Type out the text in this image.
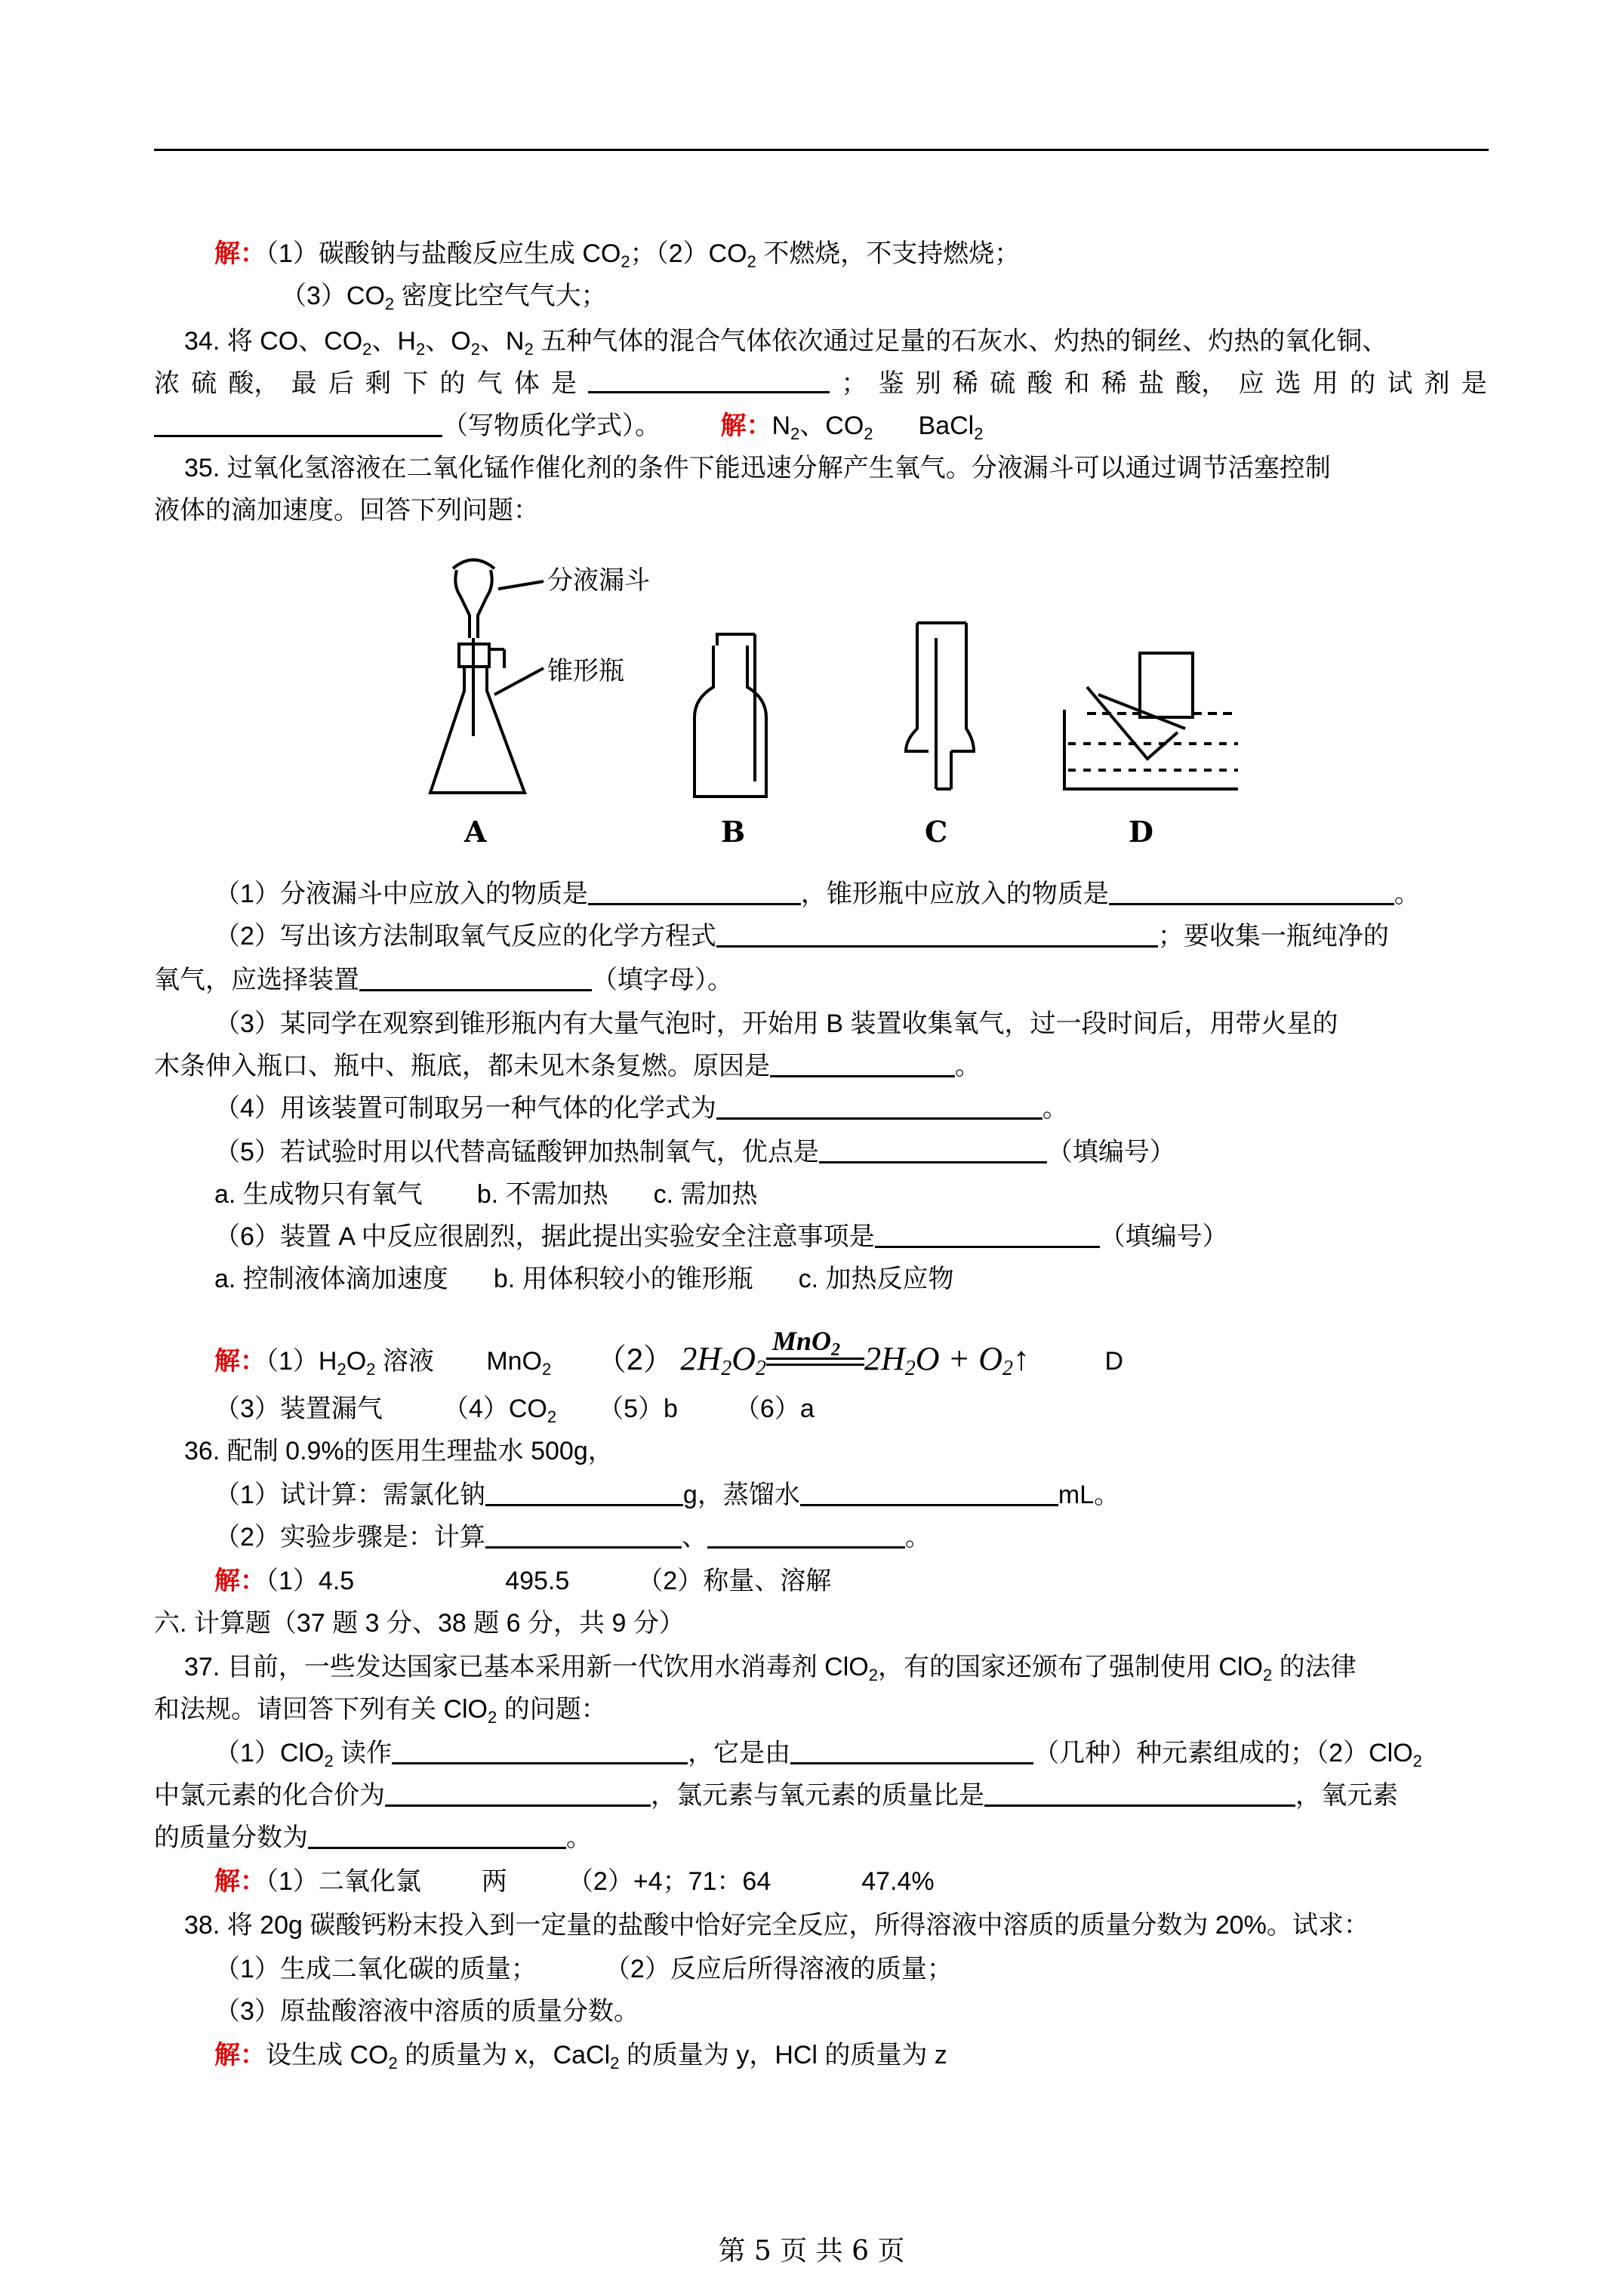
解：（1）碳酸钠与盐酸反应生成 $CO_2$；$(2)CO_2$ 不燃烧，不支持燃烧；
$(3)CO_2$ 密度比空气气大；
34. 将 CO、$CO_2$、$H_2$、$O_2$、$N_2$ 五种气体的混合气体依次通过足量的石灰水、灼热的铜丝、灼热的氧化铜、
浓 硫 酸， 最 后 剩 下 的 气 体 是	； 鉴 别 稀 硫 酸 和 稀 盐 酸， 应 选 用 的 试 剂 是
（写物质化学式）。 解：$N_2$、$CO_2$ BaCl$_2$
35. 过氧化氢溶液在二氧化锰作催化剂的条件下能迅速分解产生氧气。分液漏斗可以通过调节活塞控制
液体的滴加速度。回答下列问题：
分液漏斗
锥形瓶
A	B	C	D
（1）分液漏斗中应放入的物质是	，锥形瓶中应放入的物质是	。
（2）写出该方法制取氧气反应的化学方程式	；要收集一瓶纯净的
氧气，应选择装置	（填字母）。
（3）某同学在观察到锥形瓶内有大量气泡时，开始用 B 装置收集氧气，过一段时间后，用带火星的
木条伸入瓶口、瓶中、瓶底，都未见木条复燃。原因是	。
（4）用该装置可制取另一种气体的化学式为	。
（5）若试验时用以代替高锰酸钾加热制氧气，优点是	（填编号）
a. 生成物只有氧气 b. 不需加热 c. 需加热
（6）装置 A 中反应很剧烈，据此提出实验安全注意事项是	（填编号）
a. 控制液体滴加速度 b. 用体积较小的锥形瓶 c. 加热反应物
解：$(1)H_2O_2$ 溶液 MnO$_2$ （2） $2H_2O_2$
MnO$_2$ $2H_2O$ + $O_2↑$	D
（3）装置漏气 $(4)CO_2$ （5）b （6）a
36. 配制 0.9%的医用生理盐水 500g，
（1）试计算：需氯化钠	g，蒸馏水	mL。
（2）实验步骤是：计算	、	。
解：（1）4.5	495.5	（2）称量、溶解
六. 计算题（37 题 3 分、38 题 6 分，共 9 分）
37. 目前，一些发达国家已基本采用新一代饮用水消毒剂 ClO$_2$，有的国家还颁布了强制使用 ClO$_2$ 的法律
和法规。请回答下列有关 ClO$_2$ 的问题：
（1）ClO$_2$ 读作	，它是由	（几种）种元素组成的；（2）ClO$_2$
中氯元素的化合价为	，氯元素与氧元素的质量比是	，氧元素
的质量分数为	。
解：（1）二氧化氯 两 （2）+4；71：64	47.4%
38. 将 20g 碳酸钙粉末投入到一定量的盐酸中恰好完全反应，所得溶液中溶质的质量分数为 20%。试求：
（1）生成二氧化碳的质量；	（2）反应后所得溶液的质量；
（3）原盐酸溶液中溶质的质量分数。
解：设生成 $CO_2$ 的质量为 x，CaCl$_2$ 的质量为 y，HCl 的质量为 z
第 5 页 共 6 页
